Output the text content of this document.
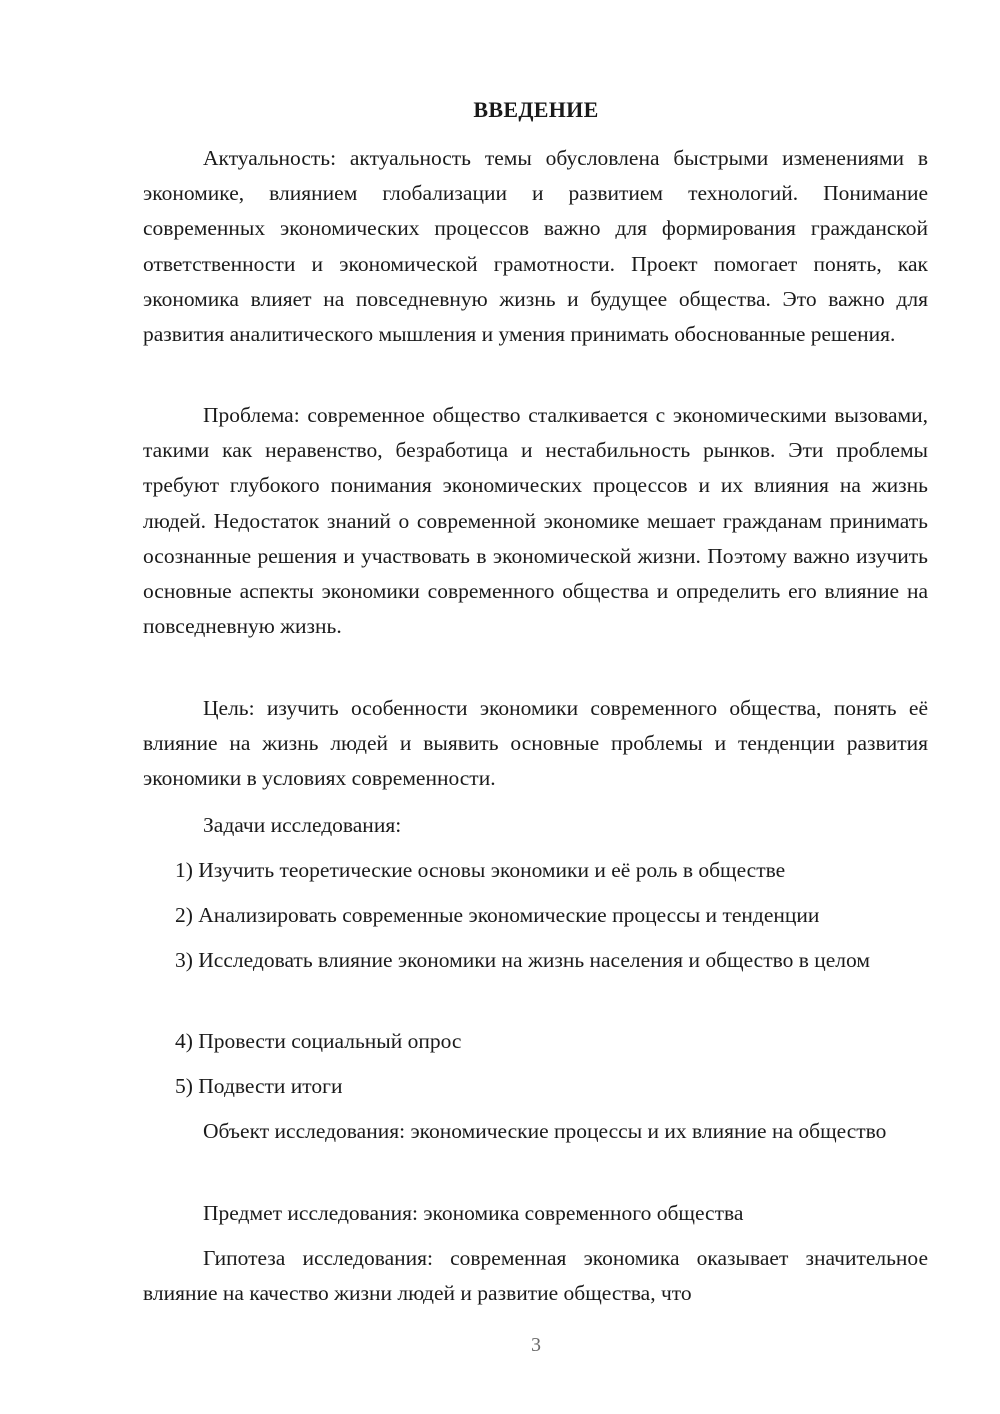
ВВЕДЕНИЕ

Актуальность: актуальность темы обусловлена быстрыми изменениями в экономике, влиянием глобализации и развитием технологий. Понимание современных экономических процессов важно для формирования гражданской ответственности и экономической грамотности. Проект помогает понять, как экономика влияет на повседневную жизнь и будущее общества. Это важно для развития аналитического мышления и умения принимать обоснованные решения.

Проблема: современное общество сталкивается с экономическими вызовами, такими как неравенство, безработица и нестабильность рынков. Эти проблемы требуют глубокого понимания экономических процессов и их влияния на жизнь людей. Недостаток знаний о современной экономике мешает гражданам принимать осознанные решения и участвовать в экономической жизни. Поэтому важно изучить основные аспекты экономики современного общества и определить его влияние на повседневную жизнь.

Цель: изучить особенности экономики современного общества, понять её влияние на жизнь людей и выявить основные проблемы и тенденции развития экономики в условиях современности.

Задачи исследования:

1) Изучить теоретические основы экономики и её роль в обществе

2) Анализировать современные экономические процессы и тенденции

3) Исследовать влияние экономики на жизнь населения и общество в целом

4) Провести социальный опрос

5) Подвести итоги

Объект исследования: экономические процессы и их влияние на общество

Предмет исследования: экономика современного общества

Гипотеза исследования: современная экономика оказывает значительное влияние на качество жизни людей и развитие общества, что

3
